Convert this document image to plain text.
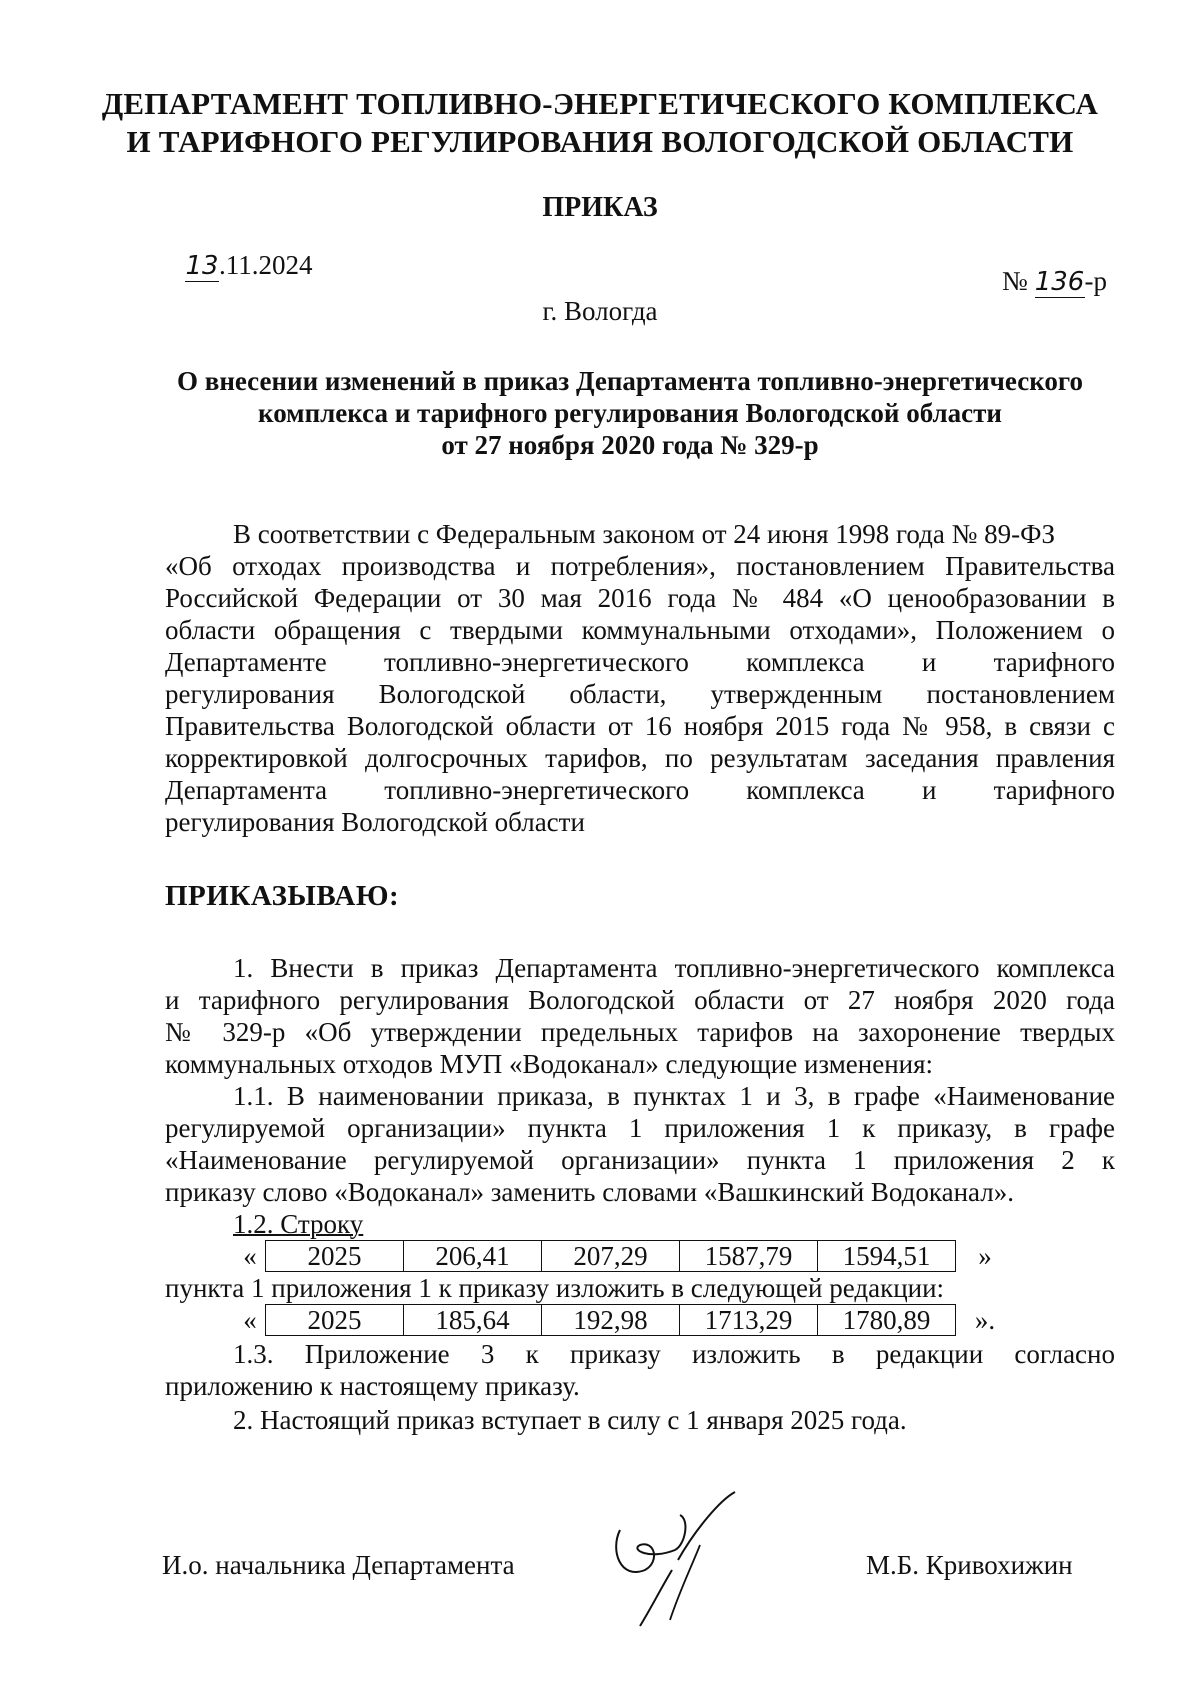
ДЕПАРТАМЕНТ ТОПЛИВНО-ЭНЕРГЕТИЧЕСКОГО КОМПЛЕКСА
И ТАРИФНОГО РЕГУЛИРОВАНИЯ ВОЛОГОДСКОЙ ОБЛАСТИ
ПРИКАЗ
13.11.2024
№ 136-р
г. Вологда
О внесении изменений в приказ Департамента топливно-энергетического
комплекса и тарифного регулирования Вологодской области
от 27 ноября 2020 года № 329-р
В соответствии с Федеральным законом от 24 июня 1998 года № 89-ФЗ
«Об отходах производства и потребления», постановлением Правительства
Российской Федерации от 30 мая 2016 года № 484 «О ценообразовании в
области обращения с твердыми коммунальными отходами», Положением о
Департаменте топливно-энергетического комплекса и тарифного
регулирования Вологодской области, утвержденным постановлением
Правительства Вологодской области от 16 ноября 2015 года № 958, в связи с
корректировкой долгосрочных тарифов, по результатам заседания правления
Департамента топливно-энергетического комплекса и тарифного
регулирования Вологодской области
ПРИКАЗЫВАЮ:
1. Внести в приказ Департамента топливно-энергетического комплекса
и тарифного регулирования Вологодской области от 27 ноября 2020 года
№ 329-р «Об утверждении предельных тарифов на захоронение твердых
коммунальных отходов МУП «Водоканал» следующие изменения:
1.1. В наименовании приказа, в пунктах 1 и 3, в графе «Наименование
регулируемой организации» пункта 1 приложения 1 к приказу, в графе
«Наименование регулируемой организации» пункта 1 приложения 2 к
приказу слово «Водоканал» заменить словами «Вашкинский Водоканал».
1.2. Строку
«	2025	206,41	207,29	1587,79	1594,51	»
пункта 1 приложения 1 к приказу изложить в следующей редакции:
«	2025	185,64	192,98	1713,29	1780,89	».
1.3. Приложение 3 к приказу изложить в редакции согласно
приложению к настоящему приказу.
2. Настоящий приказ вступает в силу с 1 января 2025 года.
И.о. начальника Департамента	М.Б. Кривохижин
